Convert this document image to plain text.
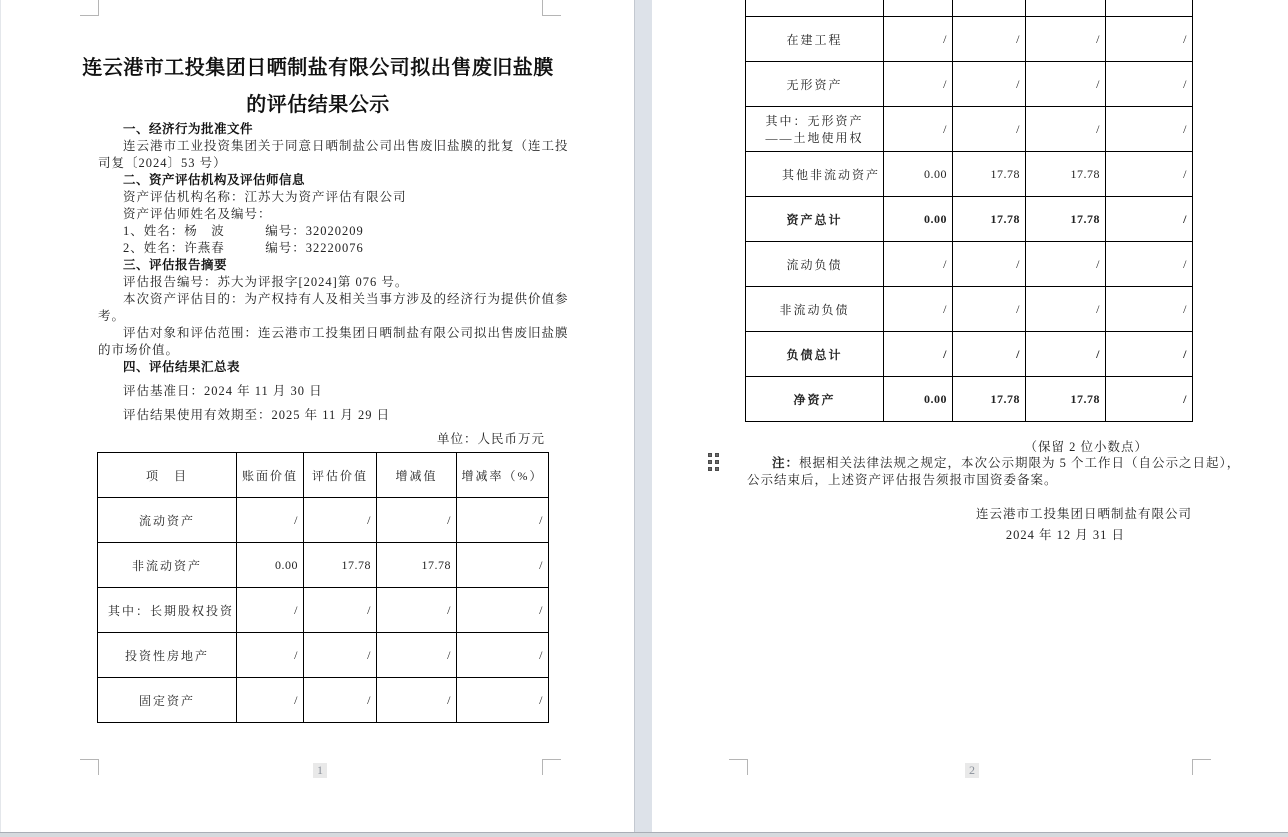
连云港市工投集团日晒制盐有限公司拟出售废旧盐膜
的评估结果公示
一、经济行为批准文件
连云港市工业投资集团关于同意日晒制盐公司出售废旧盐膜的批复（连工投
司复〔2024〕53 号）
二、资产评估机构及评估师信息
资产评估机构名称：江苏大为资产评估有限公司
资产评估师姓名及编号：
1、姓名：杨　波　　　编号：32020209
2、姓名：许燕春　　　编号：32220076
三、评估报告摘要
评估报告编号：苏大为评报字[2024]第 076 号。
本次资产评估目的：为产权持有人及相关当事方涉及的经济行为提供价值参
考。
评估对象和评估范围：连云港市工投集团日晒制盐有限公司拟出售废旧盐膜
的市场价值。
四、评估结果汇总表
评估基准日：2024 年 11 月 30 日
评估结果使用有效期至：2025 年 11 月 29 日
单位：人民币万元
项　目	账面价值	评估价值	增减值	增减率（%）
流动资产	/	/	/	/
非流动资产	0.00	17.78	17.78	/
其中：长期股权投资	/	/	/	/
投资性房地产	/	/	/	/
固定资产	/	/	/	/
1

在建工程	/	/	/	/
无形资产	/	/	/	/
其中：无形资产
——土地使用权	/	/	/	/
其他非流动资产	0.00	17.78	17.78	/
资产总计	0.00	17.78	17.78	/
流动负债	/	/	/	/
非流动负债	/	/	/	/
负债总计	/	/	/	/
净资产	0.00	17.78	17.78	/
（保留 2 位小数点）
注：根据相关法律法规之规定，本次公示期限为 5 个工作日（自公示之日起），
公示结束后，上述资产评估报告须报市国资委备案。
连云港市工投集团日晒制盐有限公司
2024 年 12 月 31 日
2
